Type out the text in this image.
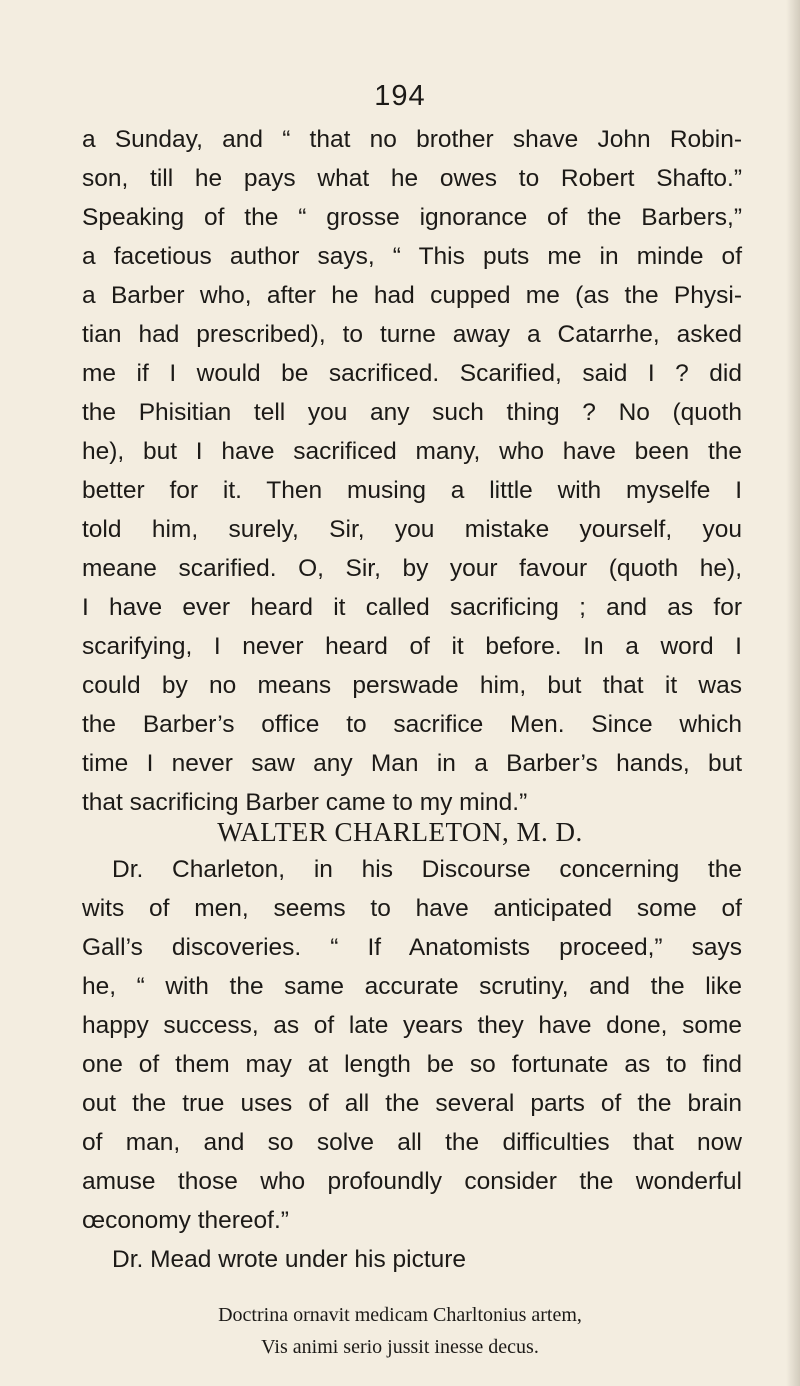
194
a Sunday, and “ that no brother shave John Robin-
son, till he pays what he owes to Robert Shafto.”
Speaking of the “ grosse ignorance of the Barbers,”
a facetious author says, “ This puts me in minde of
a Barber who, after he had cupped me (as the Physi-
tian had prescribed), to turne away a Catarrhe, asked
me if I would be sacrificed. Scarified, said I ? did
the Phisitian tell you any such thing ? No (quoth
he), but I have sacrificed many, who have been the
better for it. Then musing a little with myselfe I
told him, surely, Sir, you mistake yourself, you
meane scarified. O, Sir, by your favour (quoth he),
I have ever heard it called sacrificing ; and as for
scarifying, I never heard of it before. In a word I
could by no means perswade him, but that it was
the Barber’s office to sacrifice Men. Since which
time I never saw any Man in a Barber’s hands, but
that sacrificing Barber came to my mind.”
WALTER CHARLETON, M. D.
Dr. Charleton, in his Discourse concerning the
wits of men, seems to have anticipated some of
Gall’s discoveries. “ If Anatomists proceed,” says
he, “ with the same accurate scrutiny, and the like
happy success, as of late years they have done, some
one of them may at length be so fortunate as to find
out the true uses of all the several parts of the brain
of man, and so solve all the difficulties that now
amuse those who profoundly consider the wonderful
œconomy thereof.”
Dr. Mead wrote under his picture
Doctrina ornavit medicam Charltonius artem,
Vis animi serio jussit inesse decus.
